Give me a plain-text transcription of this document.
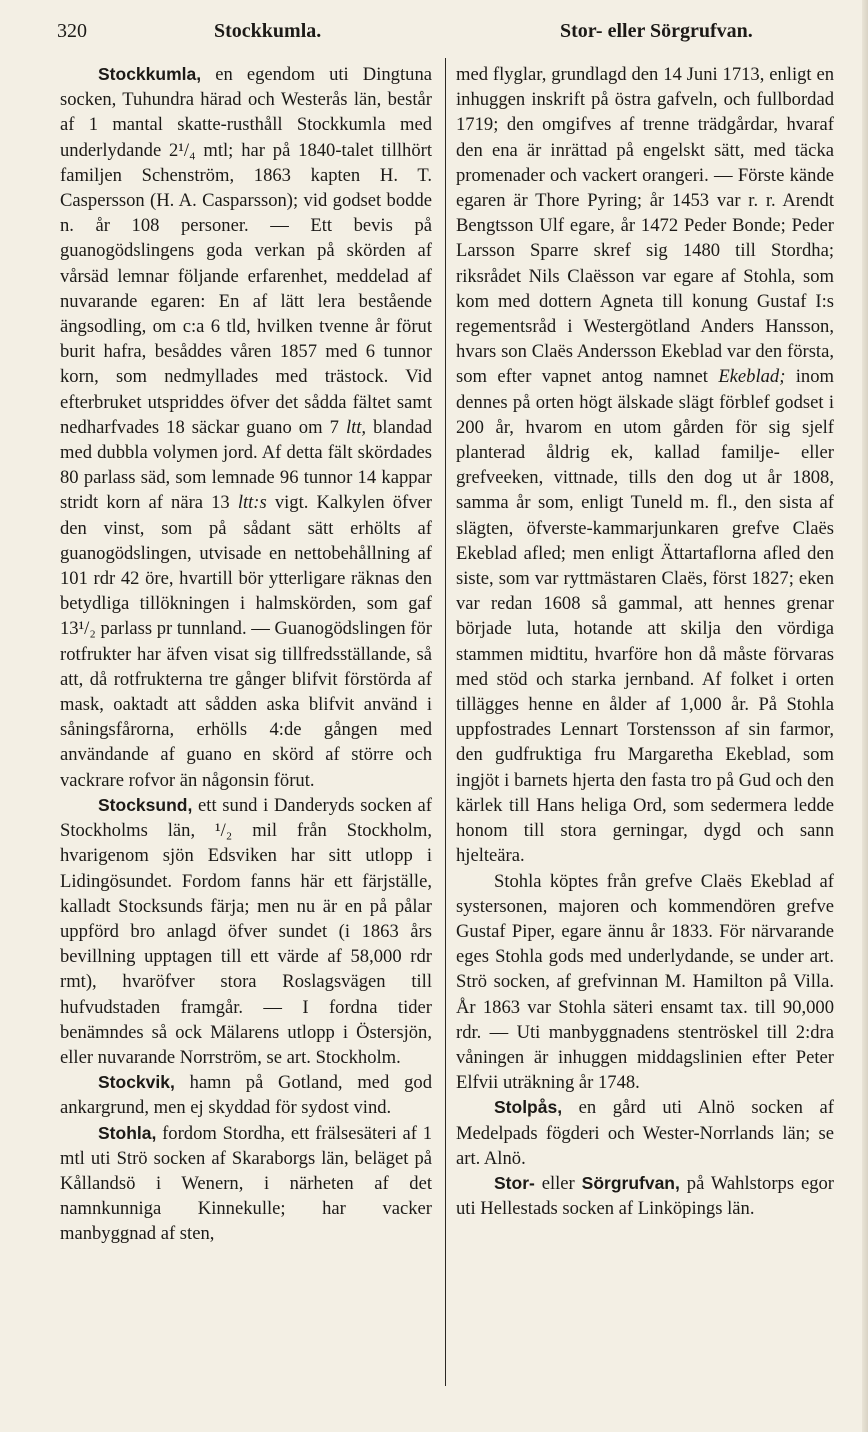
320	Stockkumla.	Stor- eller Sörgrufvan.

Stockkumla, en egendom uti Dingtuna socken, Tuhundra härad och Westerås län, består af 1 mantal skatte-rusthåll Stockkumla med underlydande 2¹/₄ mtl; har på 1840-talet tillhört familjen Schenström, 1863 kapten H. T. Caspersson (H. A. Casparsson); vid godset bodde n. år 108 personer. — Ett bevis på guanogödslingens goda verkan på skörden af vårsäd lemnar följande erfarenhet, meddelad af nuvarande egaren: En af lätt lera bestående ängsodling, om c:a 6 tld, hvilken tvenne år förut burit hafra, besåddes våren 1857 med 6 tunnor korn, som nedmyllades med trästock. Vid efterbruket utspriddes öfver det sådda fältet samt nedharfvades 18 säckar guano om 7 ltt, blandad med dubbla volymen jord. Af detta fält skördades 80 parlass säd, som lemnade 96 tunnor 14 kappar stridt korn af nära 13 ltt:s vigt. Kalkylen öfver den vinst, som på sådant sätt erhölts af guanogödslingen, utvisade en nettobehållning af 101 rdr 42 öre, hvartill bör ytterligare räknas den betydliga tillökningen i halmskörden, som gaf 13¹/₂ parlass pr tunnland. — Guanogödslingen för rotfrukter har äfven visat sig tillfredsställande, så att, då rotfrukterna tre gånger blifvit förstörda af mask, oaktadt att sådden aska blifvit använd i såningsfårorna, erhölls 4:de gången med användande af guano en skörd af större och vackrare rofvor än någonsin förut.

Stocksund, ett sund i Danderyds socken af Stockholms län, ¹/₂ mil från Stockholm, hvarigenom sjön Edsviken har sitt utlopp i Lidingösundet. Fordom fanns här ett färjställe, kalladt Stocksunds färja; men nu är en på pålar uppförd bro anlagd öfver sundet (i 1863 års bevillning upptagen till ett värde af 58,000 rdr rmt), hvaröfver stora Roslagsvägen till hufvudstaden framgår. — I fordna tider benämndes så ock Mälarens utlopp i Östersjön, eller nuvarande Norrström, se art. Stockholm.

Stockvik, hamn på Gotland, med god ankargrund, men ej skyddad för sydost vind.

Stohla, fordom Stordha, ett frälsesäteri af 1 mtl uti Strö socken af Skaraborgs län, beläget på Kållandsö i Wenern, i närheten af det namnkunniga Kinnekulle; har vacker manbyggnad af sten,

med flyglar, grundlagd den 14 Juni 1713, enligt en inhuggen inskrift på östra gafveln, och fullbordad 1719; den omgifves af trenne trädgårdar, hvaraf den ena är inrättad på engelskt sätt, med täcka promenader och vackert orangeri. — Förste kände egaren är Thore Pyring; år 1453 var r. r. Arendt Bengtsson Ulf egare, år 1472 Peder Bonde; Peder Larsson Sparre skref sig 1480 till Stordha; riksrådet Nils Claësson var egare af Stohla, som kom med dottern Agneta till konung Gustaf I:s regementsråd i Westergötland Anders Hansson, hvars son Claës Andersson Ekeblad var den första, som efter vapnet antog namnet Ekeblad; inom dennes på orten högt älskade slägt förblef godset i 200 år, hvarom en utom gården för sig sjelf planterad åldrig ek, kallad familje- eller grefveeken, vittnade, tills den dog ut år 1808, samma år som, enligt Tuneld m. fl., den sista af slägten, öfverste-kammarjunkaren grefve Claës Ekeblad afled; men enligt Ättartaflorna afled den siste, som var ryttmästaren Claës, först 1827; eken var redan 1608 så gammal, att hennes grenar började luta, hotande att skilja den vördiga stammen midtitu, hvarföre hon då måste förvaras med stöd och starka jernband. Af folket i orten tillägges henne en ålder af 1,000 år. På Stohla uppfostrades Lennart Torstensson af sin farmor, den gudfruktiga fru Margaretha Ekeblad, som ingjöt i barnets hjerta den fasta tro på Gud och den kärlek till Hans heliga Ord, som sedermera ledde honom till stora gerningar, dygd och sann hjelteära.

Stohla köptes från grefve Claës Ekeblad af systersonen, majoren och kommendören grefve Gustaf Piper, egare ännu år 1833. För närvarande eges Stohla gods med underlydande, se under art. Strö socken, af grefvinnan M. Hamilton på Villa. År 1863 var Stohla säteri ensamt tax. till 90,000 rdr. — Uti manbyggnadens stentröskel till 2:dra våningen är inhuggen middagslinien efter Peter Elfvii uträkning år 1748.

Stolpås, en gård uti Alnö socken af Medelpads fögderi och Wester-Norrlands län; se art. Alnö.

Stor- eller Sörgrufvan, på Wahlstorps egor uti Hellestads socken af Linköpings län.
